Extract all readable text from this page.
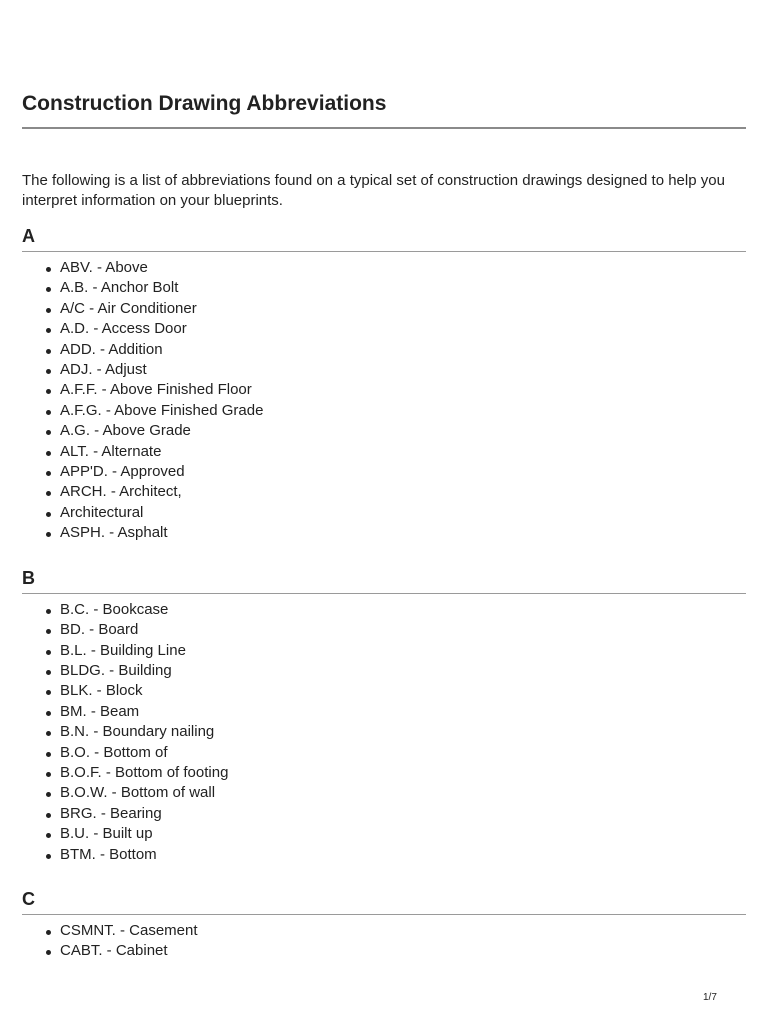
Construction Drawing Abbreviations

The following is a list of abbreviations found on a typical set of construction drawings designed to help you interpret information on your blueprints.

A
ABV. - Above
A.B. - Anchor Bolt
A/C - Air Conditioner
A.D. - Access Door
ADD. - Addition
ADJ. - Adjust
A.F.F. - Above Finished Floor
A.F.G. - Above Finished Grade
A.G. - Above Grade
ALT. - Alternate
APP'D. - Approved
ARCH. - Architect,
Architectural
ASPH. - Asphalt
B
B.C. - Bookcase
BD. - Board
B.L. - Building Line
BLDG. - Building
BLK. - Block
BM. - Beam
B.N. - Boundary nailing
B.O. - Bottom of
B.O.F. - Bottom of footing
B.O.W. - Bottom of wall
BRG. - Bearing
B.U. - Built up
BTM. - Bottom
C
CSMNT. - Casement
CABT. - Cabinet
1/7
